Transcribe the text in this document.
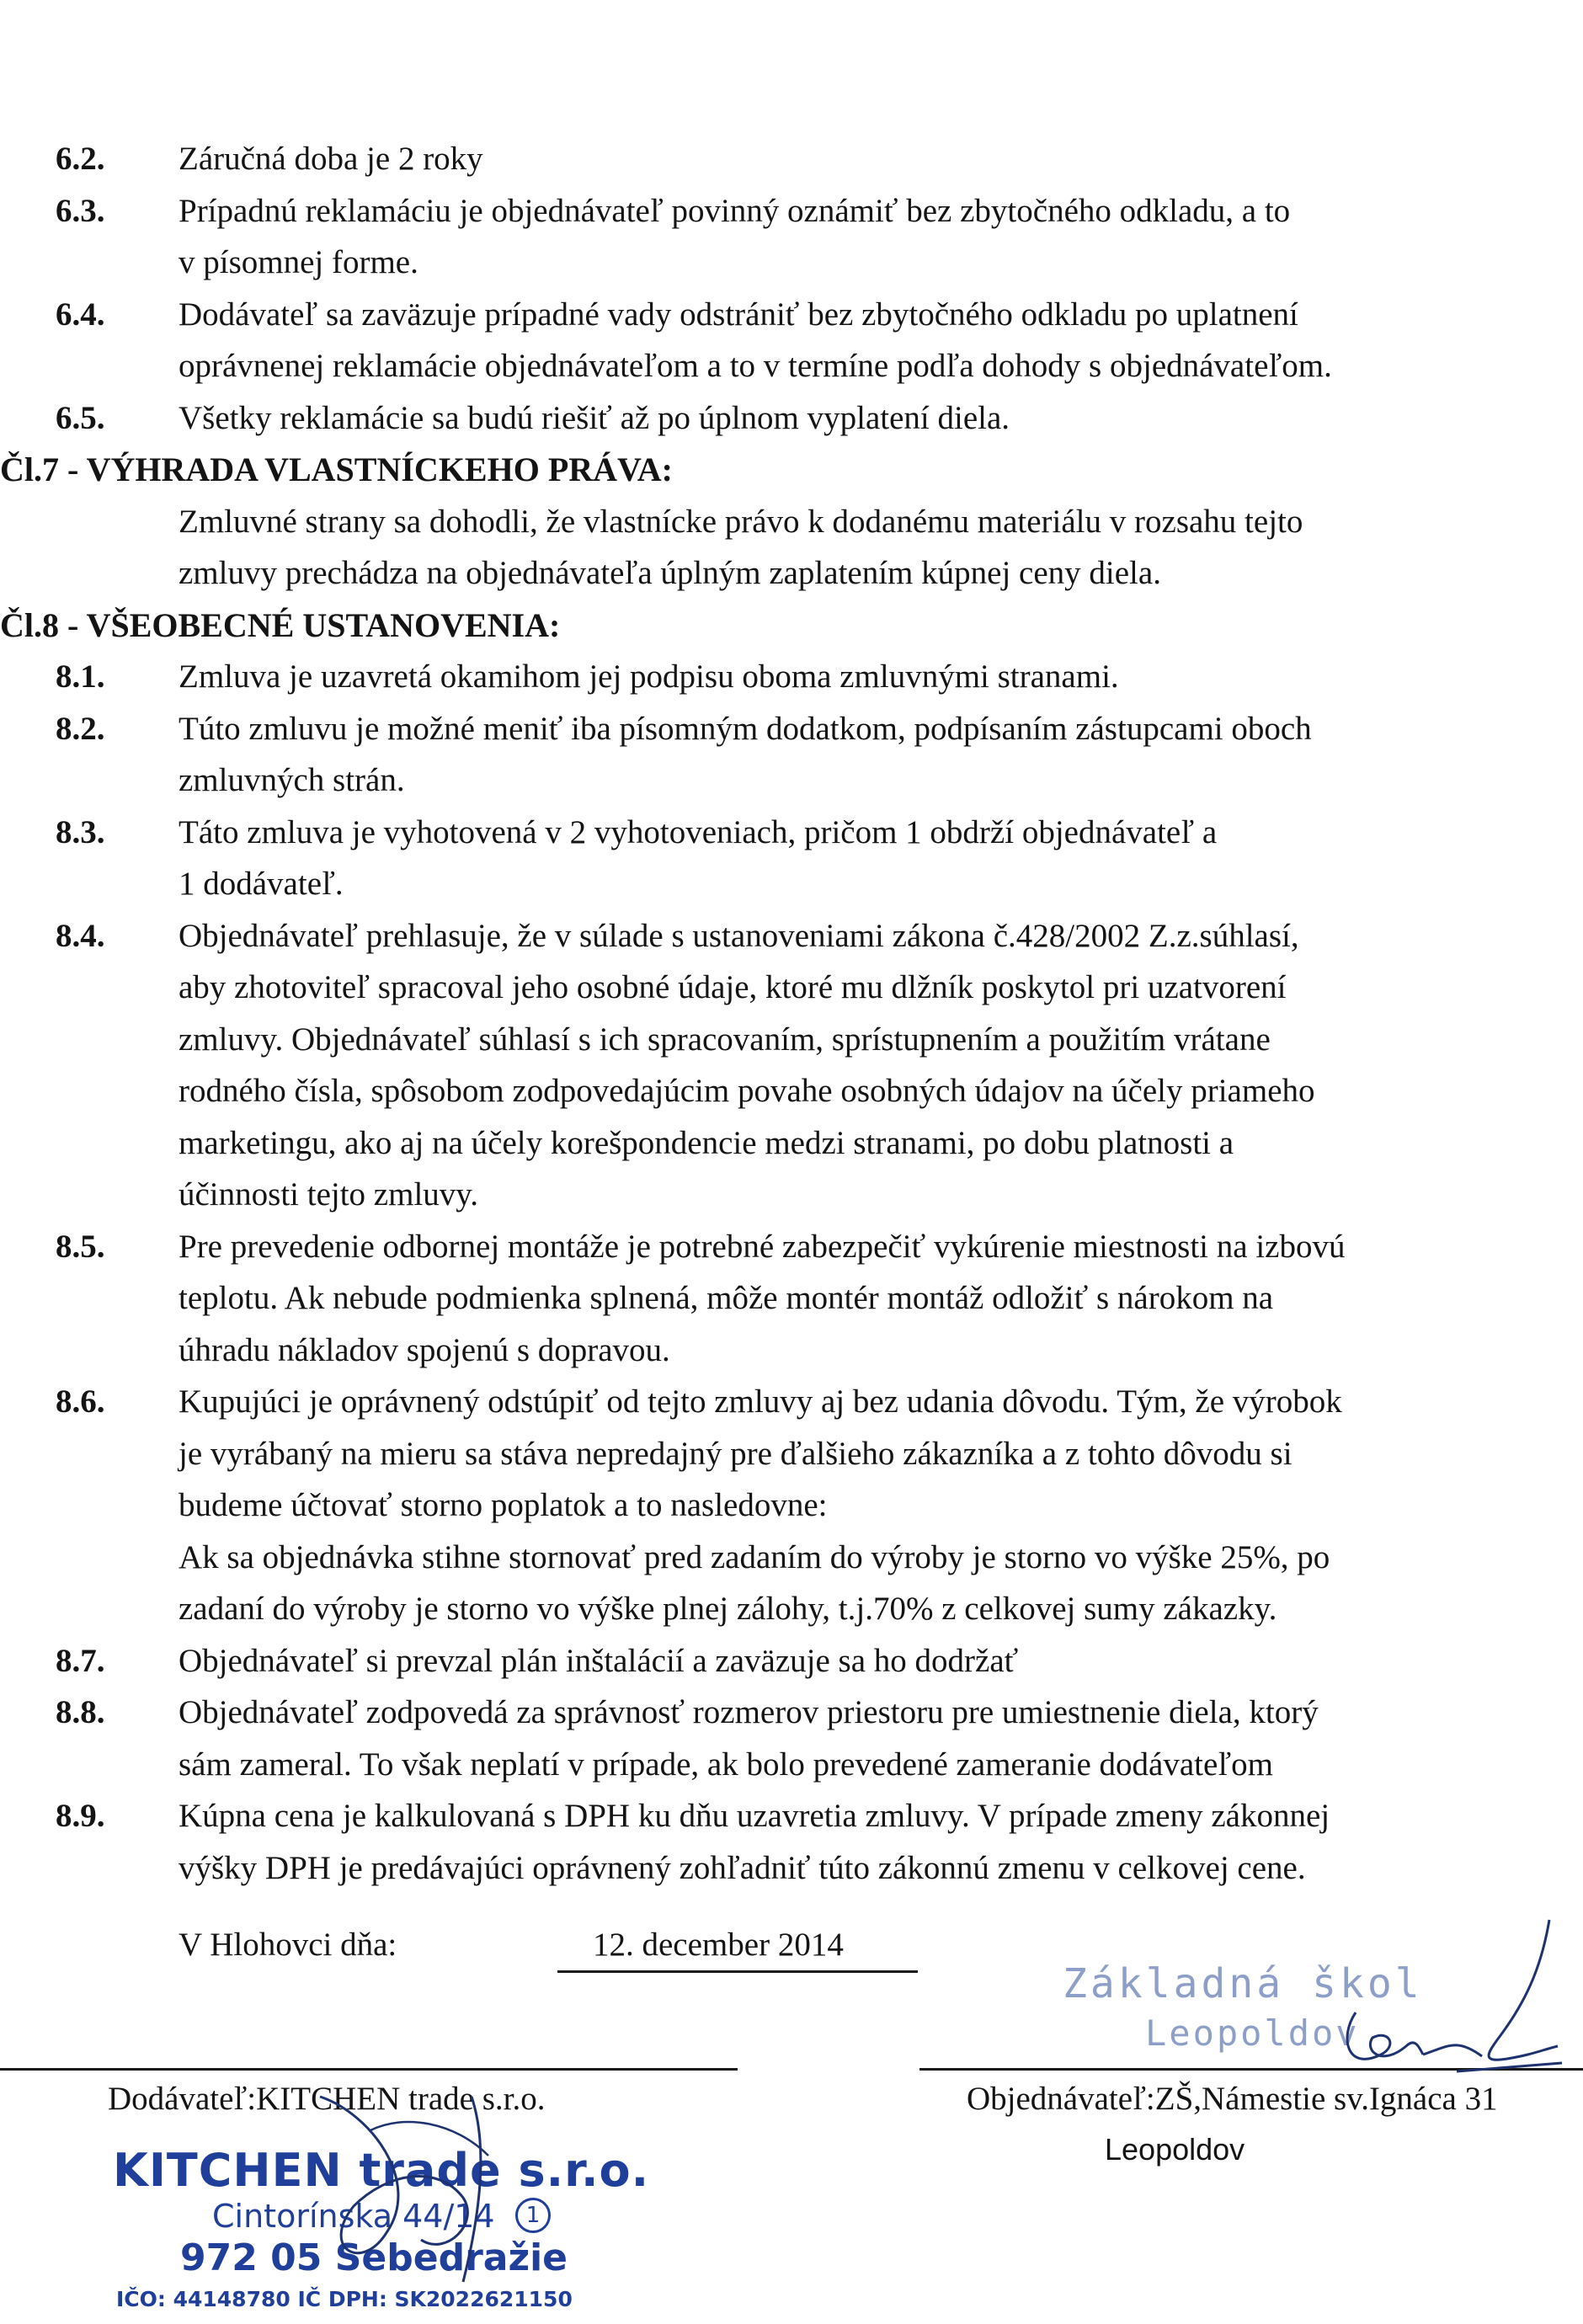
6.2. Záručná doba je 2 roky
6.3. Prípadnú reklamáciu je objednávateľ povinný oznámiť bez zbytočného odkladu, a to
v písomnej forme.
6.4. Dodávateľ sa zaväzuje prípadné vady odstrániť bez zbytočného odkladu po uplatnení
oprávnenej reklamácie objednávateľom a to v termíne podľa dohody s objednávateľom.
6.5. Všetky reklamácie sa budú riešiť až po úplnom vyplatení diela.
Čl.7 - VÝHRADA VLASTNÍCKEHO PRÁVA:
Zmluvné strany sa dohodli, že vlastnícke právo k dodanému materiálu v rozsahu tejto
zmluvy prechádza na objednávateľa úplným zaplatením kúpnej ceny diela.
Čl.8 - VŠEOBECNÉ USTANOVENIA:
8.1. Zmluva je uzavretá okamihom jej podpisu oboma zmluvnými stranami.
8.2. Túto zmluvu je možné meniť iba písomným dodatkom, podpísaním zástupcami oboch
zmluvných strán.
8.3. Táto zmluva je vyhotovená v 2 vyhotoveniach, pričom 1 obdrží objednávateľ a
1 dodávateľ.
8.4. Objednávateľ prehlasuje, že v súlade s ustanoveniami zákona č.428/2002 Z.z.súhlasí,
aby zhotoviteľ spracoval jeho osobné údaje, ktoré mu dlžník poskytol pri uzatvorení
zmluvy. Objednávateľ súhlasí s ich spracovaním, sprístupnením a použitím vrátane
rodného čísla, spôsobom zodpovedajúcim povahe osobných údajov na účely priameho
marketingu, ako aj na účely korešpondencie medzi stranami, po dobu platnosti a
účinnosti tejto zmluvy.
8.5. Pre prevedenie odbornej montáže je potrebné zabezpečiť vykúrenie miestnosti na izbovú
teplotu. Ak nebude podmienka splnená, môže montér montáž odložiť s nárokom na
úhradu nákladov spojenú s dopravou.
8.6. Kupujúci je oprávnený odstúpiť od tejto zmluvy aj bez udania dôvodu. Tým, že výrobok
je vyrábaný na mieru sa stáva nepredajný pre ďalšieho zákazníka a z tohto dôvodu si
budeme účtovať storno poplatok a to nasledovne:
Ak sa objednávka stihne stornovať pred zadaním do výroby je storno vo výške 25%, po
zadaní do výroby je storno vo výške plnej zálohy, t.j.70% z celkovej sumy zákazky.
8.7. Objednávateľ si prevzal plán inštalácií a zaväzuje sa ho dodržať
8.8. Objednávateľ zodpovedá za správnosť rozmerov priestoru pre umiestnenie diela, ktorý
sám zameral. To však neplatí v prípade, ak bolo prevedené zameranie dodávateľom
8.9. Kúpna cena je kalkulovaná s DPH ku dňu uzavretia zmluvy. V prípade zmeny zákonnej
výšky DPH je predávajúci oprávnený zohľadniť túto zákonnú zmenu v celkovej cene.
V Hlohovci dňa:	12. december 2014
Základná škol
Leopoldov
Dodávateľ:KITCHEN trade s.r.o.	Objednávateľ:ZŠ,Námestie sv.Ignáca 31
Leopoldov
KITCHEN trade s.r.o.
Cintorínska 44/14	1
972 05 Sebedražie
IČO: 44148780 IČ DPH: SK2022621150
